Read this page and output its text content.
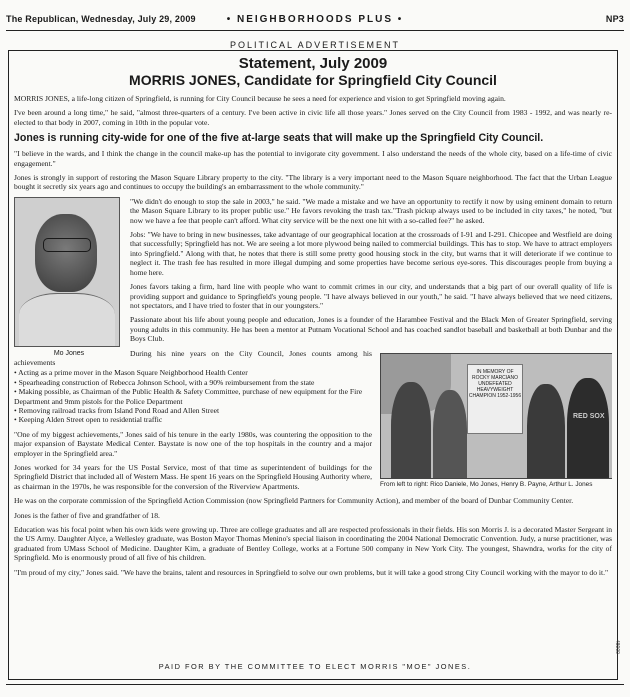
The Republican, Wednesday, July 29, 2009	• NEIGHBORHOODS PLUS •	NP3
POLITICAL ADVERTISEMENT
Statement, July 2009
MORRIS JONES, Candidate for Springfield City Council

MORRIS JONES, a life-long citizen of Springfield, is running for City Council because he sees a need for experience and vision to get Springfield moving again.

I've been around a long time," he said, "almost three-quarters of a century. I've been active in civic life all those years." Jones served on the City Council from 1983 - 1992, and was nearly re-elected to that body in 2007, coming in 10th in the popular vote.

Jones is running city-wide for one of the five at-large seats that will make up the Springfield City Council.

"I believe in the wards, and I think the change in the council make-up has the potential to invigorate city government. I also understand the needs of the whole city, based on a life-time of civic engagement."

Jones is strongly in support of restoring the Mason Square Library property to the city. "The library is a very important need to the Mason Square neighborhood. The fact that the Urban League bought it secretly six years ago and continues to occupy the building's an embarrassment to the whole community."

Mo Jones

"We didn't do enough to stop the sale in 2003," he said. "We made a mistake and we have an opportunity to rectify it now by using eminent domain to return the Mason Square Library to its proper public use." He favors revoking the trash tax."Trash pickup always used to be included in city taxes," he noted, "but now we have a fee that people can't afford. What city service will be the next one hit with a so-called fee?" he asked.

Jobs: "We have to bring in new businesses, take advantage of our geographical location at the crossroads of I-91 and I-291. Chicopee and Westfield are doing that successfully; Springfield has not. We are seeing a lot more plywood being nailed to commercial buildings. This has to stop. We have to attract employers into Springfield." Along with that, he notes that there is still some pretty good housing stock in the city, but warns that it will deteriorate if we continue to neglect it. The trash fee has resulted in more illegal dumping and some properties have become serious eye-sores. This discourages people from buying a home here.

Jones favors taking a firm, hard line with people who want to commit crimes in our city, and understands that a big part of our overall quality of life is providing support and guidance to Springfield's young people. "I have always believed in our youth," he said. "I have always believed that we need citizens, not spectators, and I have tried to foster that in our youngsters."

Passionate about his life about young people and education, Jones is a founder of the Harambee Festival and the Black Men of Greater Springfield, serving young adults in this community. He has been a mentor at Putnam Vocational School and has coached sandlot baseball and basketball at both Dunbar and the Boys Club.

IN MEMORY OF ROCKY MARCIANO UNDEFEATED HEAVYWEIGHT CHAMPION 1952-1956
RED SOX
From left to right: Rico Daniele, Mo Jones, Henry B. Payne, Arthur L. Jones

During his nine years on the City Council, Jones counts among his achievements

• Acting as a prime mover in the Mason Square Neighborhood Health Center
• Spearheading construction of Rebecca Johnson School, with a 90% reimbursement from the state
• Making possible, as Chairman of the Public Health & Safety Committee, purchase of new equipment for the Fire Department and 9mm pistols for the Police Department
• Removing railroad tracks from Island Pond Road and Allen Street
• Keeping Alden Street open to residential traffic

"One of my biggest achievements," Jones said of his tenure in the early 1980s, was countering the opposition to the major expansion of Baystate Medical Center. Baystate is now one of the top hospitals in the country and a major employer in the Springfield area."

Jones worked for 34 years for the US Postal Service, most of that time as superintendent of buildings for the Springfield District that included all of Western Mass. He spent 16 years on the Springfield Housing Authority where, as chairman in the 1970s, he was responsible for the conversion of the Riverview Apartments.

He was on the corporate commission of the Springfield Action Commission (now Springfield Partners for Community Action), and member of the board of Dunbar Community Center.

Jones is the father of five and grandfather of 18.

Education was his focal point when his own kids were growing up. Three are college graduates and all are respected professionals in their fields. His son Morris J. is a decorated Master Sergeant in the US Army. Daughter Alyce, a Wellesley graduate, was Boston Mayor Thomas Menino's special liaison in coordinating the 2004 National Democratic Convention. Judy, a nurse practitioner, was graduated from UMass School of Medicine. Daughter Kim, a graduate of Bentley College, works at a Fortune 500 company in New York City. The youngest, Shawndra, works for the city of Springfield. Mo is enormously proud of all five of his children.

"I'm proud of my city," Jones said. "We have the brains, talent and resources in Springfield to solve our own problems, but it will take a good strong City Council working with the mayor to do it."

PAID FOR BY THE COMMITTEE TO ELECT MORRIS "MOE" JONES.
48000
